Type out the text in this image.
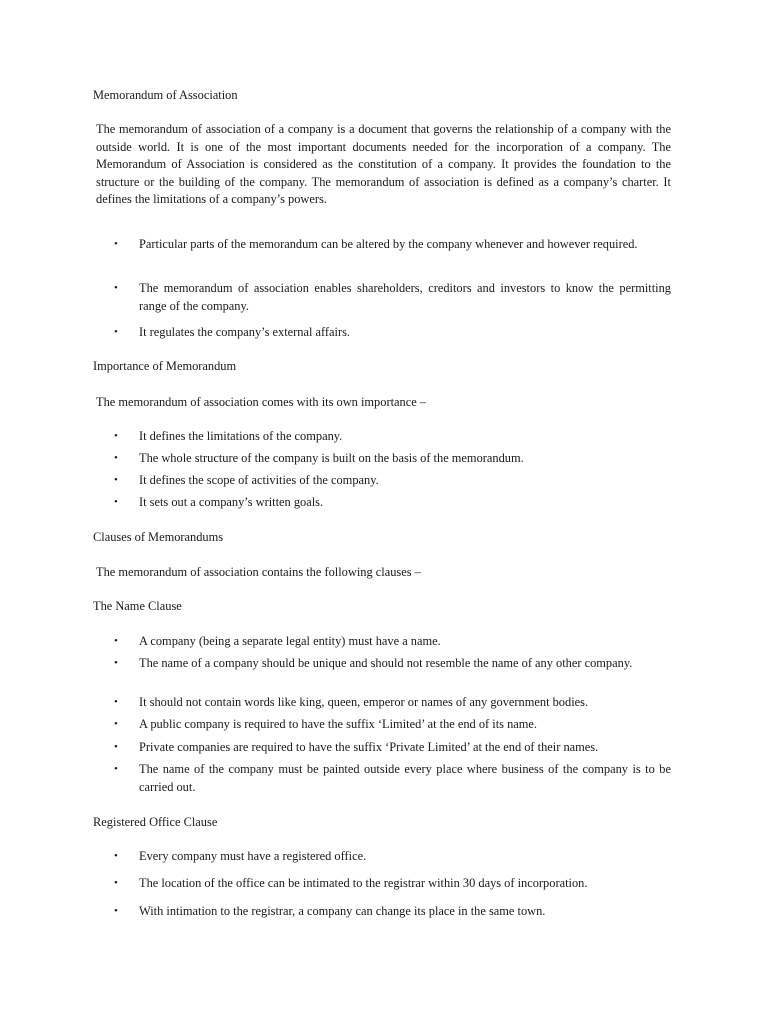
Memorandum of Association

The memorandum of association of a company is a document that governs the relationship of a company with the outside world. It is one of the most important documents needed for the incorporation of a company. The Memorandum of Association is considered as the constitution of a company. It provides the foundation to the structure or the building of the company. The memorandum of association is defined as a company’s charter. It defines the limitations of a company’s powers.

•	Particular parts of the memorandum can be altered by the company whenever and however required.
•	The memorandum of association enables shareholders, creditors and investors to know the permitting range of the company.
•	It regulates the company’s external affairs.
Importance of Memorandum

The memorandum of association comes with its own importance –

•	It defines the limitations of the company.
•	The whole structure of the company is built on the basis of the memorandum.
•	It defines the scope of activities of the company.
•	It sets out a company’s written goals.
Clauses of Memorandums

The memorandum of association contains the following clauses –

The Name Clause
•	A company (being a separate legal entity) must have a name.
•	The name of a company should be unique and should not resemble the name of any other company.
•	It should not contain words like king, queen, emperor or names of any government bodies.
•	A public company is required to have the suffix ‘Limited’ at the end of its name.
•	Private companies are required to have the suffix ‘Private Limited’ at the end of their names.
•	The name of the company must be painted outside every place where business of the company is to be carried out.
Registered Office Clause
•	Every company must have a registered office.
•	The location of the office can be intimated to the registrar within 30 days of incorporation.
•	With intimation to the registrar, a company can change its place in the same town.
